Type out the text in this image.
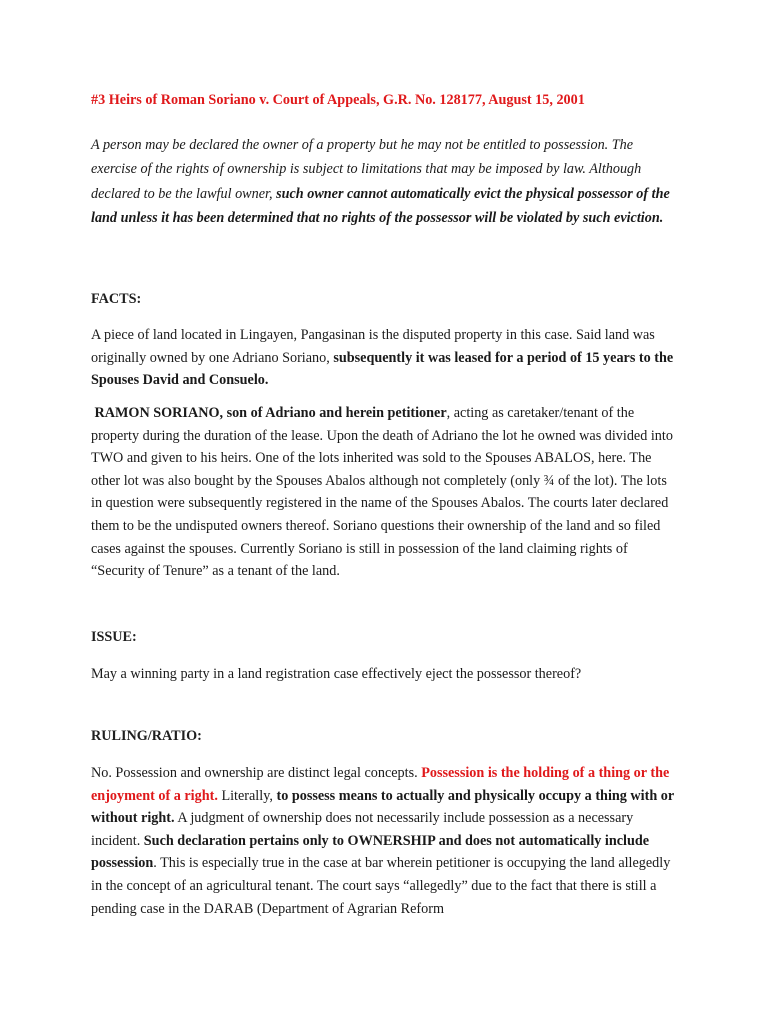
#3 Heirs of Roman Soriano v. Court of Appeals, G.R. No. 128177, August 15, 2001
A person may be declared the owner of a property but he may not be entitled to possession. The exercise of the rights of ownership is subject to limitations that may be imposed by law. Although declared to be the lawful owner, such owner cannot automatically evict the physical possessor of the land unless it has been determined that no rights of the possessor will be violated by such eviction.
FACTS:
A piece of land located in Lingayen, Pangasinan is the disputed property in this case. Said land was originally owned by one Adriano Soriano, subsequently it was leased for a period of 15 years to the Spouses David and Consuelo.
RAMON SORIANO, son of Adriano and herein petitioner, acting as caretaker/tenant of the property during the duration of the lease. Upon the death of Adriano the lot he owned was divided into TWO and given to his heirs. One of the lots inherited was sold to the Spouses ABALOS, here. The other lot was also bought by the Spouses Abalos although not completely (only ¾ of the lot). The lots in question were subsequently registered in the name of the Spouses Abalos. The courts later declared them to be the undisputed owners thereof. Soriano questions their ownership of the land and so filed cases against the spouses. Currently Soriano is still in possession of the land claiming rights of “Security of Tenure” as a tenant of the land.
ISSUE:
May a winning party in a land registration case effectively eject the possessor thereof?
RULING/RATIO:
No. Possession and ownership are distinct legal concepts. Possession is the holding of a thing or the enjoyment of a right. Literally, to possess means to actually and physically occupy a thing with or without right. A judgment of ownership does not necessarily include possession as a necessary incident. Such declaration pertains only to OWNERSHIP and does not automatically include possession. This is especially true in the case at bar wherein petitioner is occupying the land allegedly in the concept of an agricultural tenant. The court says “allegedly” due to the fact that there is still a pending case in the DARAB (Department of Agrarian Reform
